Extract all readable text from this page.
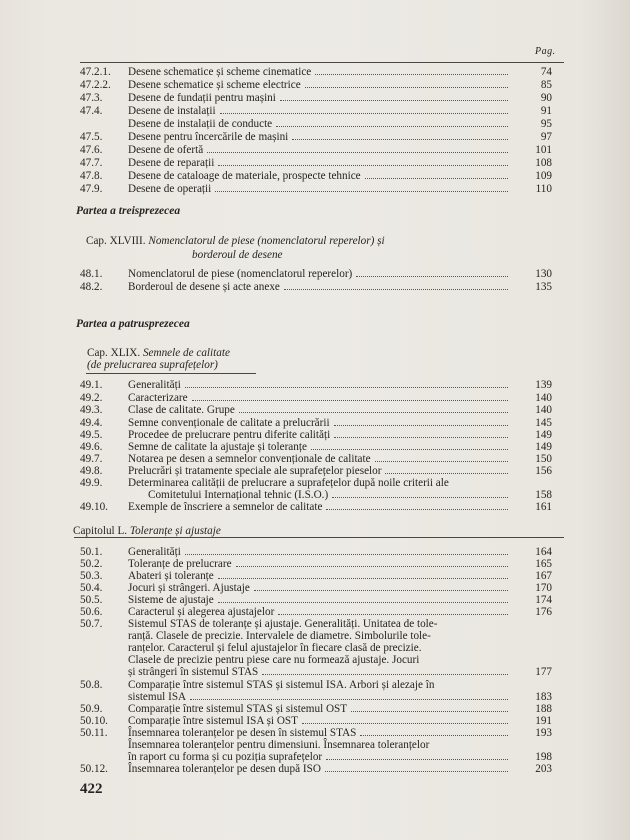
Pag.
47.2.1.	Desene schematice și scheme cinematice	74
47.2.2.	Desene schematice și scheme electrice	85
47.3.	Desene de fundații pentru mașini	90
47.4.	Desene de instalații	91
Desene de instalații de conducte	95
47.5.	Desene pentru încercările de mașini	97
47.6.	Desene de ofertă	101
47.7.	Desene de reparații	108
47.8.	Desene de cataloage de materiale, prospecte tehnice	109
47.9.	Desene de operații	110
Partea a treisprezecea
Cap. XLVIII. Nomenclatorul de piese (nomenclatorul reperelor) și
borderoul de desene
48.1.	Nomenclatorul de piese (nomenclatorul reperelor)	130
48.2.	Borderoul de desene și acte anexe	135
Partea a patrusprezecea
Cap. XLIX. Semnele de calitate
(de prelucrarea suprafețelor)
49.1.	Generalități	139
49.2.	Caracterizare	140
49.3.	Clase de calitate. Grupe	140
49.4.	Semne convenționale de calitate a prelucrării	145
49.5.	Procedee de prelucrare pentru diferite calități	149
49.6.	Semne de calitate la ajustaje și toleranțe	149
49.7.	Notarea pe desen a semnelor convenționale de calitate	150
49.8.	Prelucrări și tratamente speciale ale suprafețelor pieselor	156
49.9.	Determinarea calității de prelucrare a suprafețelor după noile criterii ale
Comitetului Internațional tehnic (I.S.O.)	158
49.10.	Exemple de înscriere a semnelor de calitate	161
Capitolul L. Toleranțe și ajustaje
50.1.	Generalități	164
50.2.	Toleranțe de prelucrare	165
50.3.	Abateri și toleranțe	167
50.4.	Jocuri și strângeri. Ajustaje	170
50.5.	Sisteme de ajustaje	174
50.6.	Caracterul și alegerea ajustajelor	176
50.7.	Sistemul STAS de toleranțe și ajustaje. Generalități. Unitatea de tole-
ranță. Clasele de precizie. Intervalele de diametre. Simbolurile tole-
ranțelor. Caracterul și felul ajustajelor în fiecare clasă de precizie.
Clasele de precizie pentru piese care nu formează ajustaje. Jocuri
și strângeri în sistemul STAS	177
50.8.	Comparație între sistemul STAS și sistemul ISA. Arbori și alezaje în
sistemul ISA	183
50.9.	Comparație între sistemul STAS și sistemul OST	188
50.10.	Comparație între sistemul ISA și OST	191
50.11.	Însemnarea toleranțelor pe desen în sistemul STAS	193
Însemnarea toleranțelor pentru dimensiuni. Însemnarea toleranțelor
în raport cu forma și cu poziția suprafețelor	198
50.12.	Însemnarea toleranțelor pe desen după ISO	203
422
